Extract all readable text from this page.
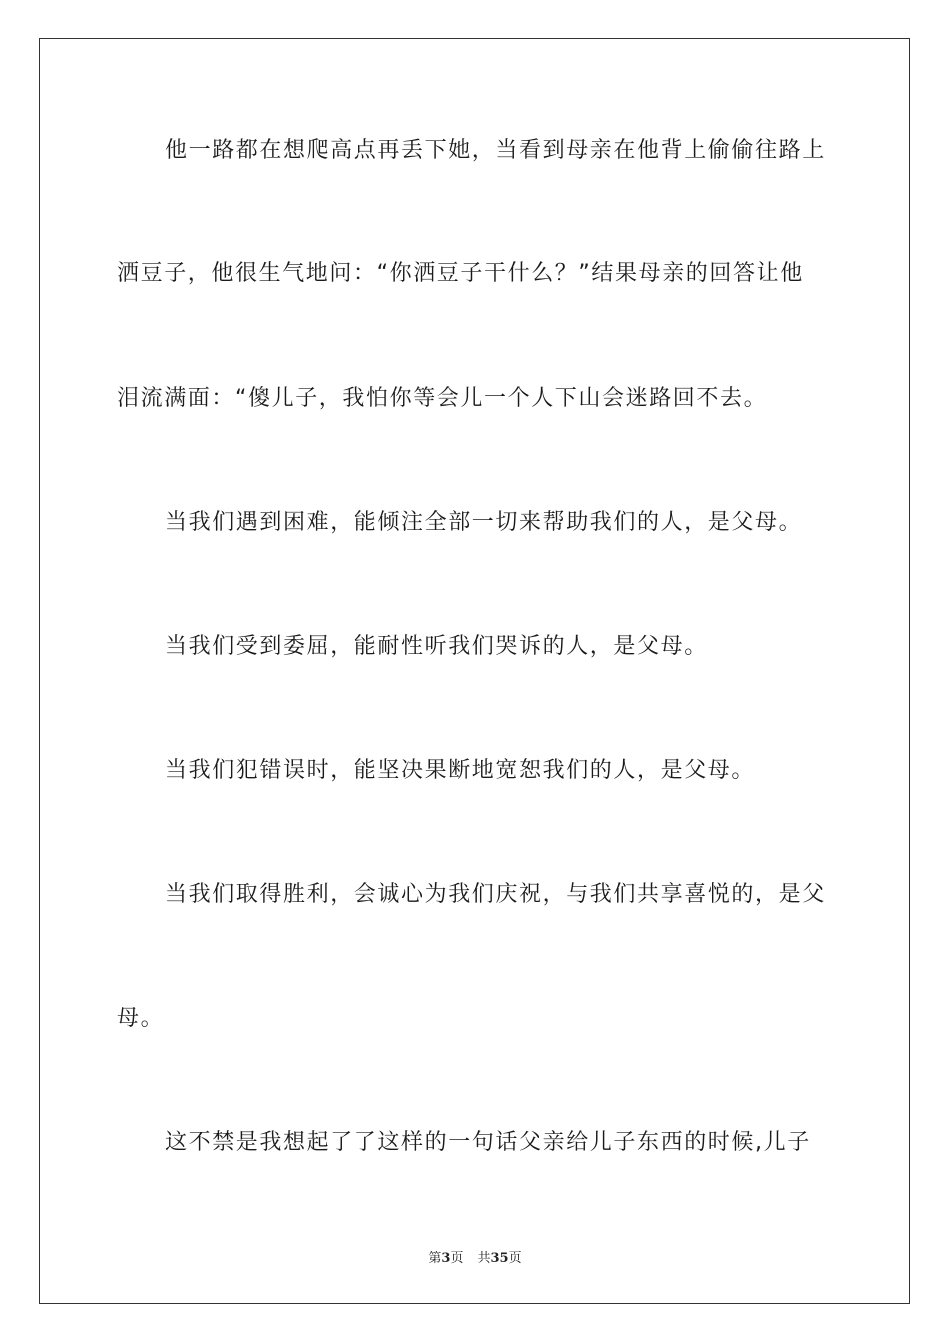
他一路都在想爬高点再丢下她，当看到母亲在他背上偷偷往路上
洒豆子，他很生气地问：“你洒豆子干什么？”结果母亲的回答让他
泪流满面：“傻儿子，我怕你等会儿一个人下山会迷路回不去。
当我们遇到困难，能倾注全部一切来帮助我们的人，是父母。
当我们受到委屈，能耐性听我们哭诉的人，是父母。
当我们犯错误时，能坚决果断地宽恕我们的人，是父母。
当我们取得胜利，会诚心为我们庆祝，与我们共享喜悦的，是父
母。
这不禁是我想起了了这样的一句话父亲给儿子东西的时候,儿子
第3页 共35页
